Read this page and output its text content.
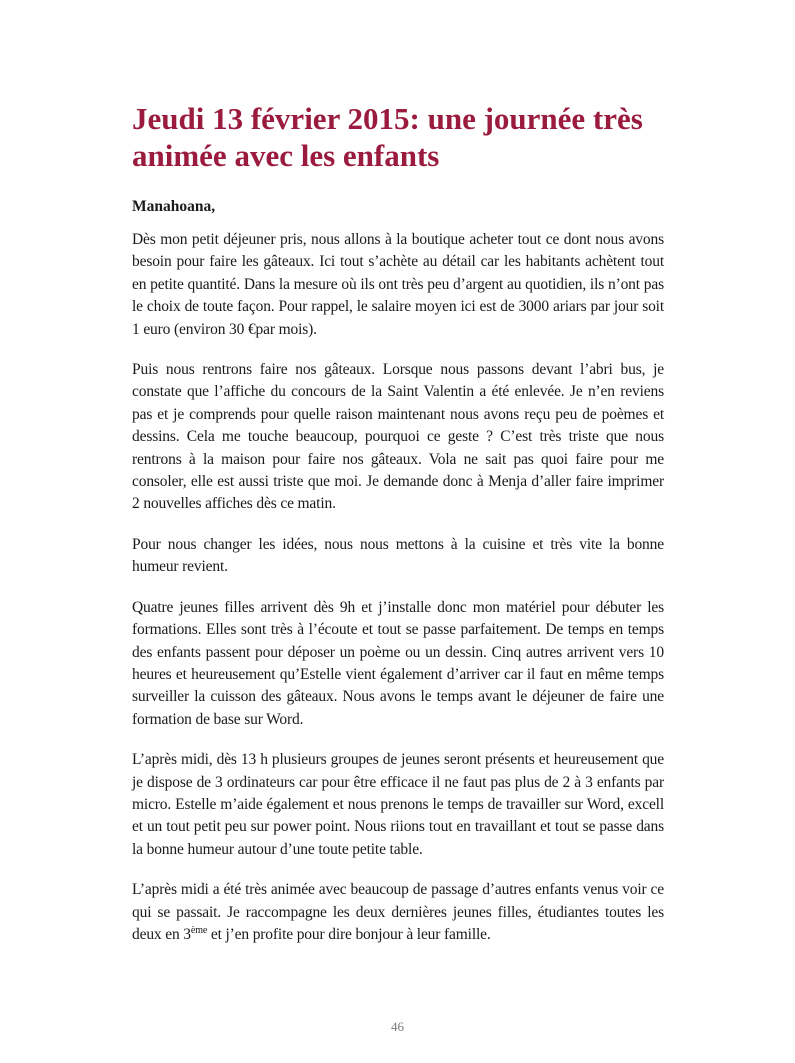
Jeudi 13 février 2015: une journée très animée avec les enfants

Manahoana,

Dès mon petit déjeuner pris, nous allons à la boutique acheter tout ce dont nous avons besoin pour faire les gâteaux. Ici tout s’achète au détail car les habitants achètent tout en petite quantité. Dans la mesure où ils ont très peu d’argent au quotidien, ils n’ont pas le choix de toute façon. Pour rappel, le salaire moyen ici est de 3000 ariars par jour soit 1 euro (environ 30 €par mois).

Puis nous rentrons faire nos gâteaux. Lorsque nous passons devant l’abri bus, je constate que l’affiche du concours de la Saint Valentin a été enlevée. Je n’en reviens pas et je comprends pour quelle raison maintenant nous avons reçu peu de poèmes et dessins. Cela me touche beaucoup, pourquoi ce geste ? C’est très triste que nous rentrons à la maison pour faire nos gâteaux. Vola ne sait pas quoi faire pour me consoler, elle est aussi triste que moi. Je demande donc à Menja d’aller faire imprimer 2 nouvelles affiches dès ce matin.

Pour nous changer les idées, nous nous mettons à la cuisine et très vite la bonne humeur revient.

Quatre jeunes filles arrivent dès 9h et j’installe donc mon matériel pour débuter les formations. Elles sont très à l’écoute et tout se passe parfaitement. De temps en temps des enfants passent pour déposer un poème ou un dessin. Cinq autres arrivent vers 10 heures et heureusement qu’Estelle vient également d’arriver car il faut en même temps surveiller la cuisson des gâteaux. Nous avons le temps avant le déjeuner de faire une formation de base sur Word.

L’après midi, dès 13 h plusieurs groupes de jeunes seront présents et heureusement que je dispose de 3 ordinateurs car pour être efficace il ne faut pas plus de 2 à 3 enfants par micro. Estelle m’aide également et nous prenons le temps de travailler sur Word, excell et un tout petit peu sur power point. Nous riions tout en travaillant et tout se passe dans la bonne humeur autour d’une toute petite table.

L’après midi a été très animée avec beaucoup de passage d’autres enfants venus voir ce qui se passait. Je raccompagne les deux dernières jeunes filles, étudiantes toutes les deux en 3ème et j’en profite pour dire bonjour à leur famille.

46
